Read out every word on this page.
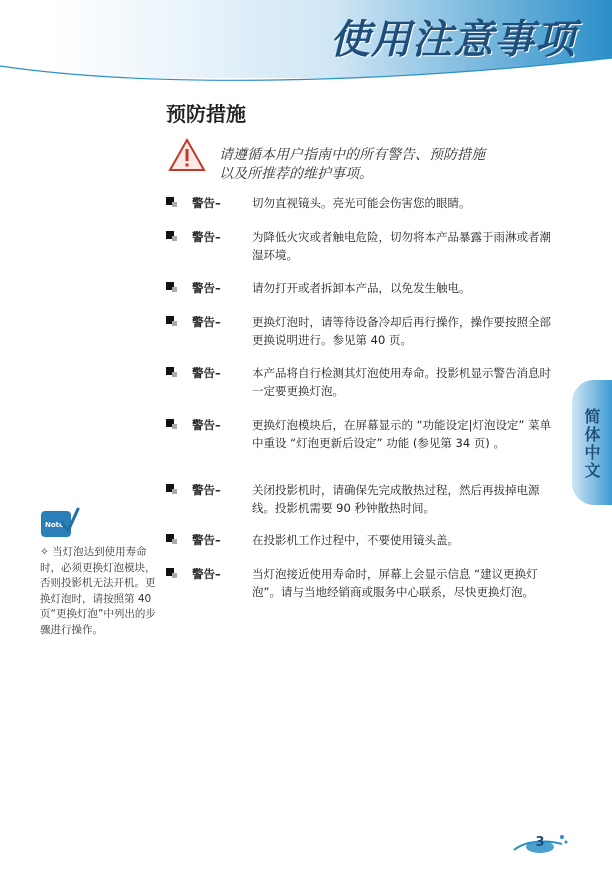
使用注意事项
预防措施
请遵循本用户指南中的所有警告、预防措施
以及所推荐的维护事项。
警告–	切勿直视镜头。亮光可能会伤害您的眼睛。
警告–	为降低火灾或者触电危险，切勿将本产品暴露于雨淋或者潮湿环境。
警告–	请勿打开或者拆卸本产品，以免发生触电。
警告–	更换灯泡时，请等待设备冷却后再行操作，操作要按照全部更换说明进行。参见第 40 页。
警告–	本产品将自行检测其灯泡使用寿命。投影机显示警告消息时一定要更换灯泡。
警告–	更换灯泡模块后，在屏幕显示的 “功能设定|灯泡设定” 菜单中重设 “灯泡更新后设定” 功能 (参见第 34 页) 。
警告–	关闭投影机时，请确保先完成散热过程，然后再拔掉电源线。投影机需要 90 秒钟散热时间。
警告–	在投影机工作过程中，不要使用镜头盖。
警告–	当灯泡接近使用寿命时，屏幕上会显示信息 “建议更换灯泡”。请与当地经销商或服务中心联系，尽快更换灯泡。
简体中文
Note
✧ 当灯泡达到使用寿命时，必须更换灯泡模块，否则投影机无法开机。更换灯泡时，请按照第 40 页“更换灯泡”中列出的步骤进行操作。
3
